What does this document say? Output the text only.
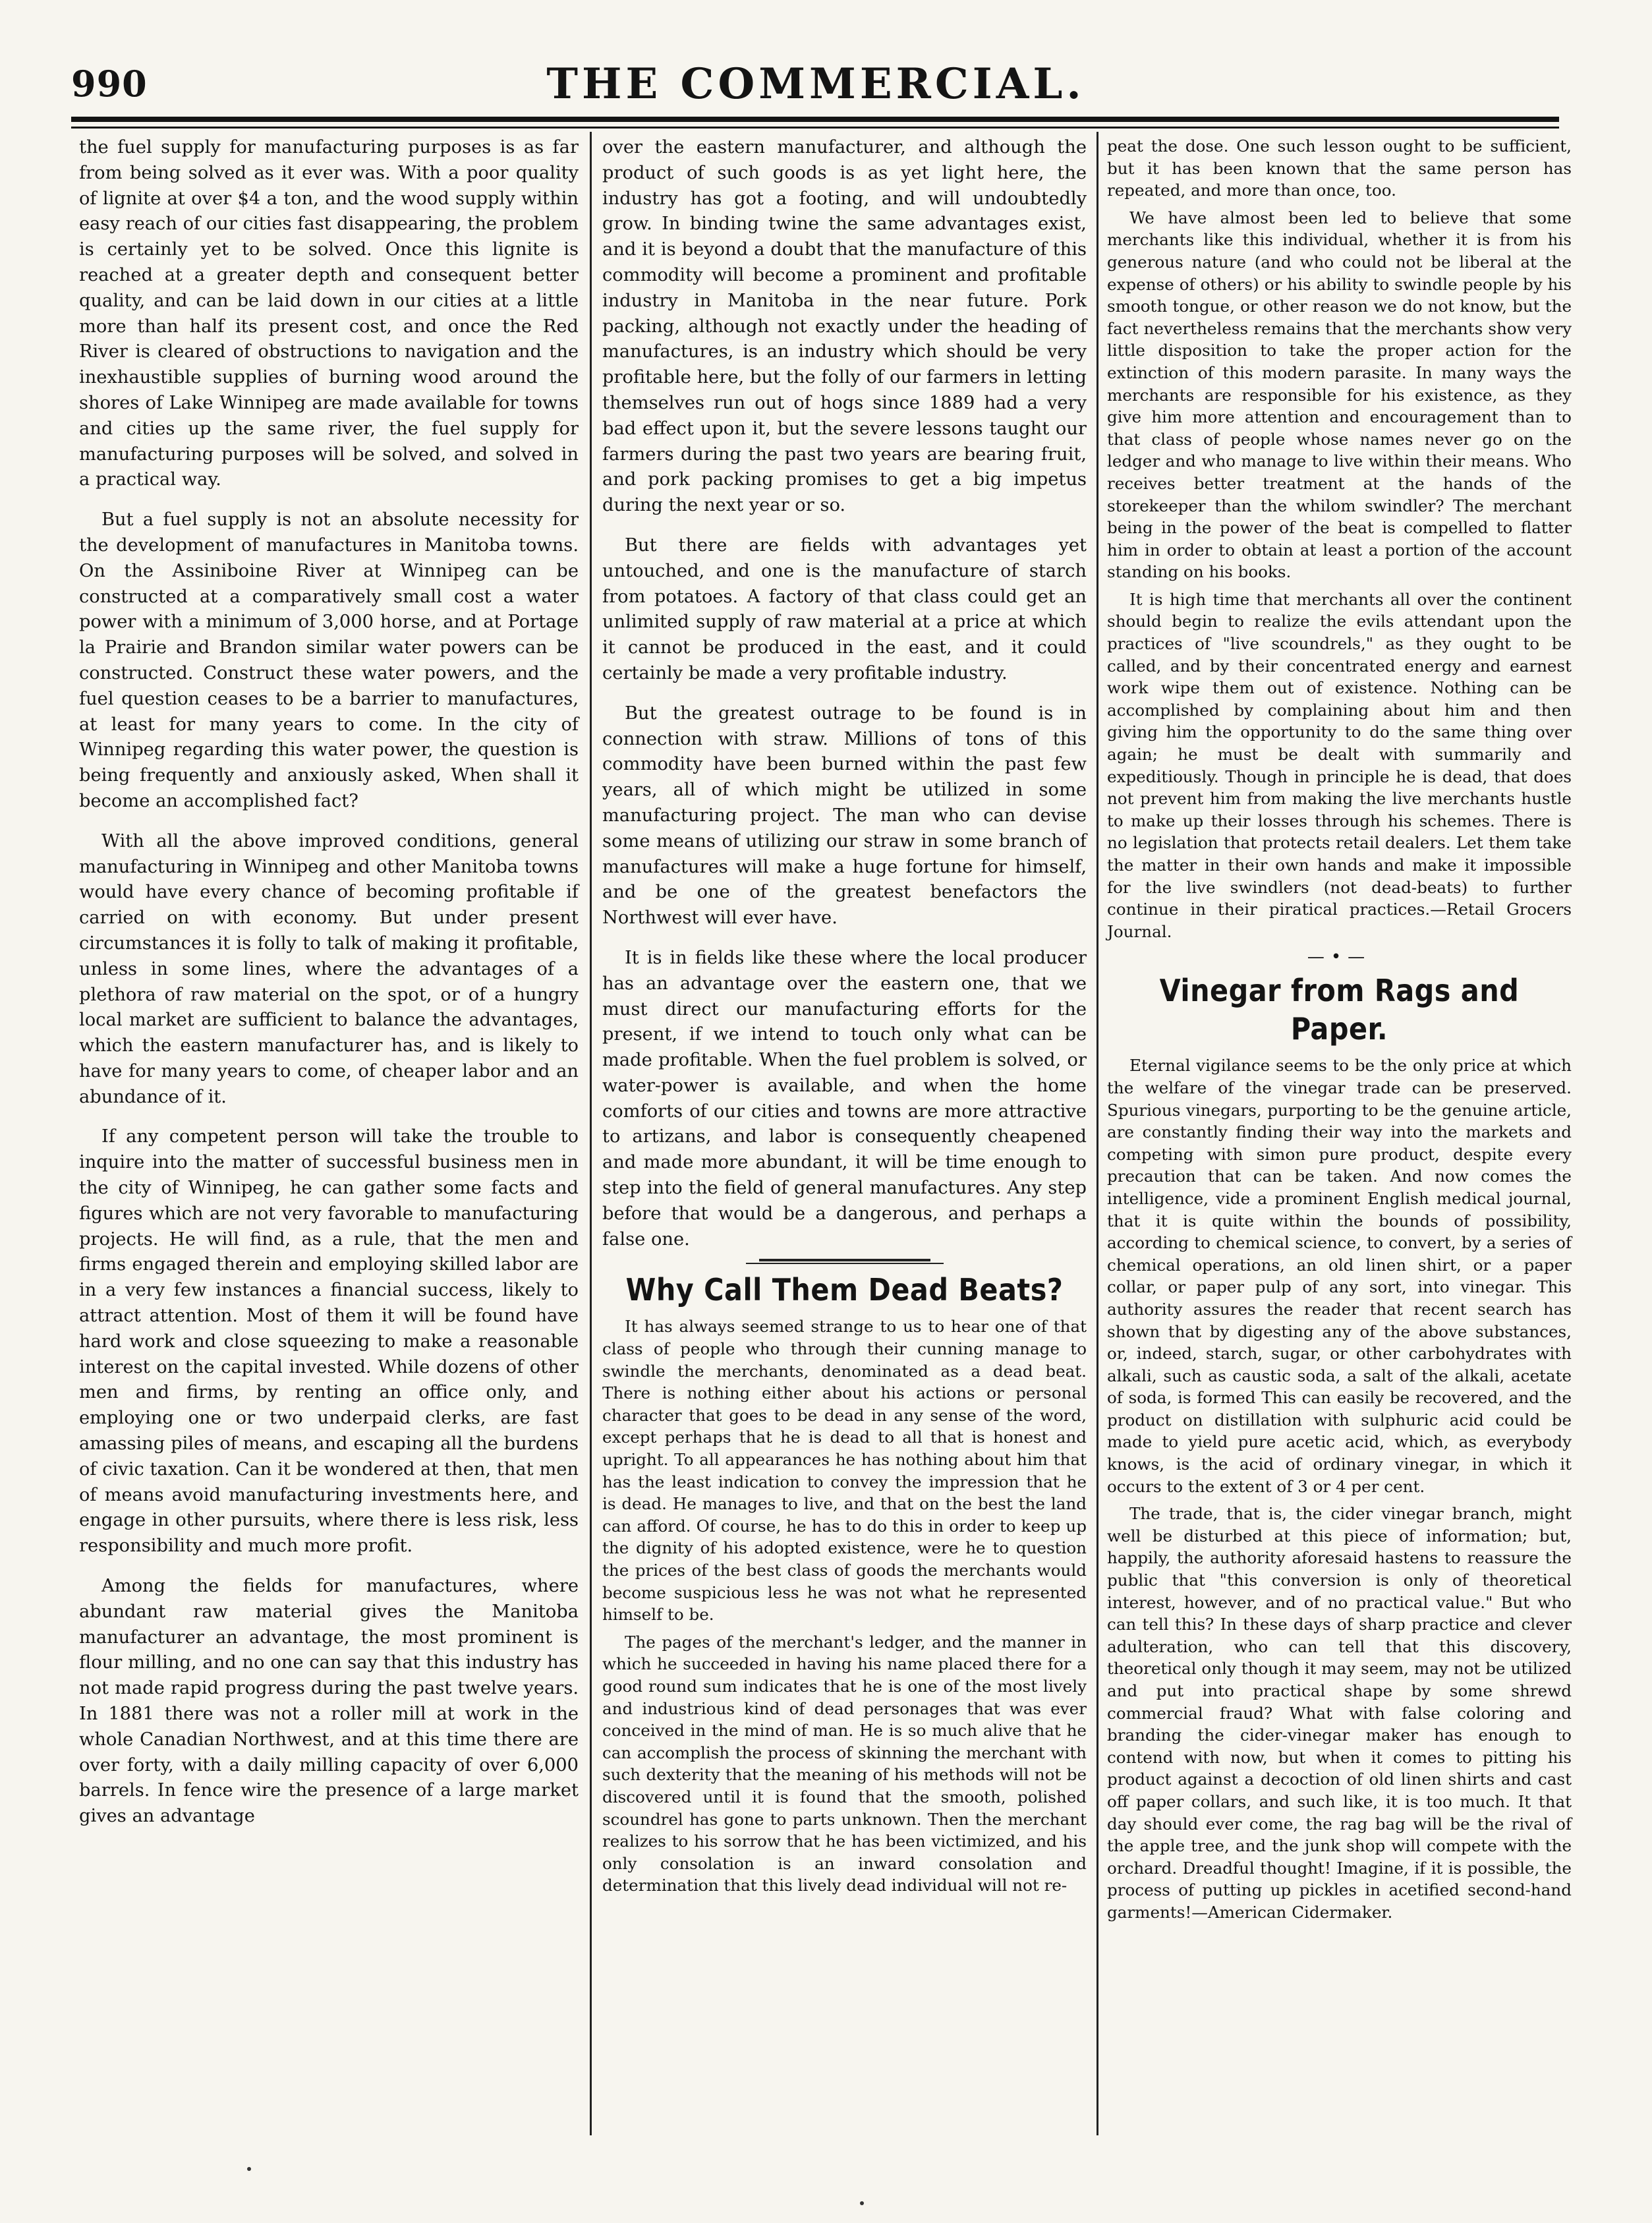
990	THE COMMERCIAL.

the fuel supply for manufacturing purposes is as far from being solved as it ever was. With a poor quality of lignite at over $4 a ton, and the wood supply within easy reach of our cities fast disappearing, the problem is certainly yet to be solved. Once this lignite is reached at a greater depth and consequent better quality, and can be laid down in our cities at a little more than half its present cost, and once the Red River is cleared of obstructions to navigation and the inexhaustible supplies of burning wood around the shores of Lake Winnipeg are made available for towns and cities up the same river, the fuel supply for manufacturing purposes will be solved, and solved in a practical way.

But a fuel supply is not an absolute necessity for the development of manufactures in Manitoba towns. On the Assiniboine River at Winnipeg can be constructed at a comparatively small cost a water power with a minimum of 3,000 horse, and at Portage la Prairie and Brandon similar water powers can be constructed. Construct these water powers, and the fuel question ceases to be a barrier to manufactures, at least for many years to come. In the city of Winnipeg regarding this water power, the question is being frequently and anxiously asked, When shall it become an accomplished fact?

With all the above improved conditions, general manufacturing in Winnipeg and other Manitoba towns would have every chance of becoming profitable if carried on with economy. But under present circumstances it is folly to talk of making it profitable, unless in some lines, where the advantages of a plethora of raw material on the spot, or of a hungry local market are sufficient to balance the advantages, which the eastern manufacturer has, and is likely to have for many years to come, of cheaper labor and an abundance of it.

If any competent person will take the trouble to inquire into the matter of successful business men in the city of Winnipeg, he can gather some facts and figures which are not very favorable to manufacturing projects. He will find, as a rule, that the men and firms engaged therein and employing skilled labor are in a very few instances a financial success, likely to attract attention. Most of them it will be found have hard work and close squeezing to make a reasonable interest on the capital invested. While dozens of other men and firms, by renting an office only, and employing one or two underpaid clerks, are fast amassing piles of means, and escaping all the burdens of civic taxation. Can it be wondered at then, that men of means avoid manufacturing investments here, and engage in other pursuits, where there is less risk, less responsibility and much more profit.

Among the fields for manufactures, where abundant raw material gives the Manitoba manufacturer an advantage, the most prominent is flour milling, and no one can say that this industry has not made rapid progress during the past twelve years. In 1881 there was not a roller mill at work in the whole Canadian Northwest, and at this time there are over forty, with a daily milling capacity of over 6,000 barrels. In fence wire the presence of a large market gives an advantage

over the eastern manufacturer, and although the product of such goods is as yet light here, the industry has got a footing, and will undoubtedly grow. In binding twine the same advantages exist, and it is beyond a doubt that the manufacture of this commodity will become a prominent and profitable industry in Manitoba in the near future. Pork packing, although not exactly under the heading of manufactures, is an industry which should be very profitable here, but the folly of our farmers in letting themselves run out of hogs since 1889 had a very bad effect upon it, but the severe lessons taught our farmers during the past two years are bearing fruit, and pork packing promises to get a big impetus during the next year or so.

But there are fields with advantages yet untouched, and one is the manufacture of starch from potatoes. A factory of that class could get an unlimited supply of raw material at a price at which it cannot be produced in the east, and it could certainly be made a very profitable industry.

But the greatest outrage to be found is in connection with straw. Millions of tons of this commodity have been burned within the past few years, all of which might be utilized in some manufacturing project. The man who can devise some means of utilizing our straw in some branch of manufactures will make a huge fortune for himself, and be one of the greatest benefactors the Northwest will ever have.

It is in fields like these where the local producer has an advantage over the eastern one, that we must direct our manufacturing efforts for the present, if we intend to touch only what can be made profitable. When the fuel problem is solved, or water-power is available, and when the home comforts of our cities and towns are more attractive to artizans, and labor is consequently cheapened and made more abundant, it will be time enough to step into the field of general manufactures. Any step before that would be a dangerous, and perhaps a false one.

Why Call Them Dead Beats?

It has always seemed strange to us to hear one of that class of people who through their cunning manage to swindle the merchants, denominated as a dead beat. There is nothing either about his actions or personal character that goes to be dead in any sense of the word, except perhaps that he is dead to all that is honest and upright. To all appearances he has nothing about him that has the least indication to convey the impression that he is dead. He manages to live, and that on the best the land can afford. Of course, he has to do this in order to keep up the dignity of his adopted existence, were he to question the prices of the best class of goods the merchants would become suspicious less he was not what he represented himself to be.

The pages of the merchant's ledger, and the manner in which he succeeded in having his name placed there for a good round sum indicates that he is one of the most lively and industrious kind of dead personages that was ever conceived in the mind of man. He is so much alive that he can accomplish the process of skinning the merchant with such dexterity that the meaning of his methods will not be discovered until it is found that the smooth, polished scoundrel has gone to parts unknown. Then the merchant realizes to his sorrow that he has been victimized, and his only consolation is an inward consolation and determination that this lively dead individual will not re-

peat the dose. One such lesson ought to be sufficient, but it has been known that the same person has repeated, and more than once, too.

We have almost been led to believe that some merchants like this individual, whether it is from his generous nature (and who could not be liberal at the expense of others) or his ability to swindle people by his smooth tongue, or other reason we do not know, but the fact nevertheless remains that the merchants show very little disposition to take the proper action for the extinction of this modern parasite. In many ways the merchants are responsible for his existence, as they give him more attention and encouragement than to that class of people whose names never go on the ledger and who manage to live within their means. Who receives better treatment at the hands of the storekeeper than the whilom swindler? The merchant being in the power of the beat is compelled to flatter him in order to obtain at least a portion of the account standing on his books.

It is high time that merchants all over the continent should begin to realize the evils attendant upon the practices of "live scoundrels," as they ought to be called, and by their concentrated energy and earnest work wipe them out of existence. Nothing can be accomplished by complaining about him and then giving him the opportunity to do the same thing over again; he must be dealt with summarily and expeditiously. Though in principle he is dead, that does not prevent him from making the live merchants hustle to make up their losses through his schemes. There is no legislation that protects retail dealers. Let them take the matter in their own hands and make it impossible for the live swindlers (not dead-beats) to further continue in their piratical practices.—Retail Grocers Journal.

—•—
Vinegar from Rags and Paper.

Eternal vigilance seems to be the only price at which the welfare of the vinegar trade can be preserved. Spurious vinegars, purporting to be the genuine article, are constantly finding their way into the markets and competing with simon pure product, despite every precaution that can be taken. And now comes the intelligence, vide a prominent English medical journal, that it is quite within the bounds of possibility, according to chemical science, to convert, by a series of chemical operations, an old linen shirt, or a paper collar, or paper pulp of any sort, into vinegar. This authority assures the reader that recent search has shown that by digesting any of the above substances, or, indeed, starch, sugar, or other carbohydrates with alkali, such as caustic soda, a salt of the alkali, acetate of soda, is formed This can easily be recovered, and the product on distillation with sulphuric acid could be made to yield pure acetic acid, which, as everybody knows, is the acid of ordinary vinegar, in which it occurs to the extent of 3 or 4 per cent.

The trade, that is, the cider vinegar branch, might well be disturbed at this piece of information; but, happily, the authority aforesaid hastens to reassure the public that "this conversion is only of theoretical interest, however, and of no practical value." But who can tell this? In these days of sharp practice and clever adulteration, who can tell that this discovery, theoretical only though it may seem, may not be utilized and put into practical shape by some shrewd commercial fraud? What with false coloring and branding the cider-vinegar maker has enough to contend with now, but when it comes to pitting his product against a decoction of old linen shirts and cast off paper collars, and such like, it is too much. It that day should ever come, the rag bag will be the rival of the apple tree, and the junk shop will compete with the orchard. Dreadful thought! Imagine, if it is possible, the process of putting up pickles in acetified second-hand garments!—American Cidermaker.
